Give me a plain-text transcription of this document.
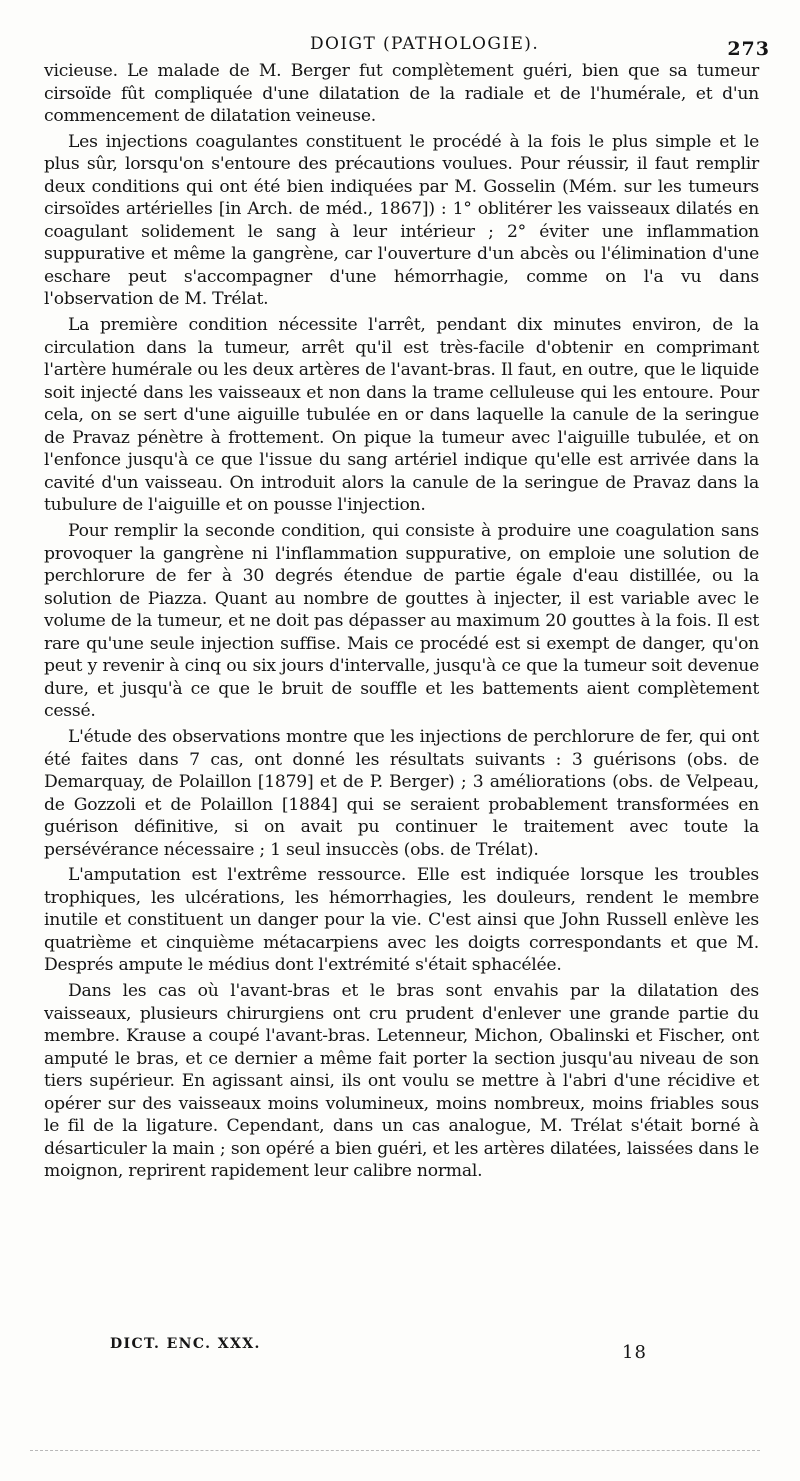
DOIGT (PATHOLOGIE).	273

vicieuse. Le malade de M. Berger fut complètement guéri, bien que sa tumeur cirsoïde fût compliquée d'une dilatation de la radiale et de l'humérale, et d'un commencement de dilatation veineuse.

Les injections coagulantes constituent le procédé à la fois le plus simple et le plus sûr, lorsqu'on s'entoure des précautions voulues. Pour réussir, il faut remplir deux conditions qui ont été bien indiquées par M. Gosselin (Mém. sur les tumeurs cirsoïdes artérielles [in Arch. de méd., 1867]) : 1° oblitérer les vaisseaux dilatés en coagulant solidement le sang à leur intérieur ; 2° éviter une inflammation suppurative et même la gangrène, car l'ouverture d'un abcès ou l'élimination d'une eschare peut s'accompagner d'une hémorrhagie, comme on l'a vu dans l'observation de M. Trélat.

La première condition nécessite l'arrêt, pendant dix minutes environ, de la circulation dans la tumeur, arrêt qu'il est très-facile d'obtenir en comprimant l'artère humérale ou les deux artères de l'avant-bras. Il faut, en outre, que le liquide soit injecté dans les vaisseaux et non dans la trame celluleuse qui les entoure. Pour cela, on se sert d'une aiguille tubulée en or dans laquelle la canule de la seringue de Pravaz pénètre à frottement. On pique la tumeur avec l'aiguille tubulée, et on l'enfonce jusqu'à ce que l'issue du sang artériel indique qu'elle est arrivée dans la cavité d'un vaisseau. On introduit alors la canule de la seringue de Pravaz dans la tubulure de l'aiguille et on pousse l'injection.

Pour remplir la seconde condition, qui consiste à produire une coagulation sans provoquer la gangrène ni l'inflammation suppurative, on emploie une solution de perchlorure de fer à 30 degrés étendue de partie égale d'eau distillée, ou la solution de Piazza. Quant au nombre de gouttes à injecter, il est variable avec le volume de la tumeur, et ne doit pas dépasser au maximum 20 gouttes à la fois. Il est rare qu'une seule injection suffise. Mais ce procédé est si exempt de danger, qu'on peut y revenir à cinq ou six jours d'intervalle, jusqu'à ce que la tumeur soit devenue dure, et jusqu'à ce que le bruit de souffle et les battements aient complètement cessé.

L'étude des observations montre que les injections de perchlorure de fer, qui ont été faites dans 7 cas, ont donné les résultats suivants : 3 guérisons (obs. de Demarquay, de Polaillon [1879] et de P. Berger) ; 3 améliorations (obs. de Velpeau, de Gozzoli et de Polaillon [1884] qui se seraient probablement transformées en guérison définitive, si on avait pu continuer le traitement avec toute la persévérance nécessaire ; 1 seul insuccès (obs. de Trélat).

L'amputation est l'extrême ressource. Elle est indiquée lorsque les troubles trophiques, les ulcérations, les hémorrhagies, les douleurs, rendent le membre inutile et constituent un danger pour la vie. C'est ainsi que John Russell enlève les quatrième et cinquième métacarpiens avec les doigts correspondants et que M. Després ampute le médius dont l'extrémité s'était sphacélée.

Dans les cas où l'avant-bras et le bras sont envahis par la dilatation des vaisseaux, plusieurs chirurgiens ont cru prudent d'enlever une grande partie du membre. Krause a coupé l'avant-bras. Letenneur, Michon, Obalinski et Fischer, ont amputé le bras, et ce dernier a même fait porter la section jusqu'au niveau de son tiers supérieur. En agissant ainsi, ils ont voulu se mettre à l'abri d'une récidive et opérer sur des vaisseaux moins volumineux, moins nombreux, moins friables sous le fil de la ligature. Cependant, dans un cas analogue, M. Trélat s'était borné à désarticuler la main ; son opéré a bien guéri, et les artères dilatées, laissées dans le moignon, reprirent rapidement leur calibre normal.

DICT. ENC. XXX.	18
